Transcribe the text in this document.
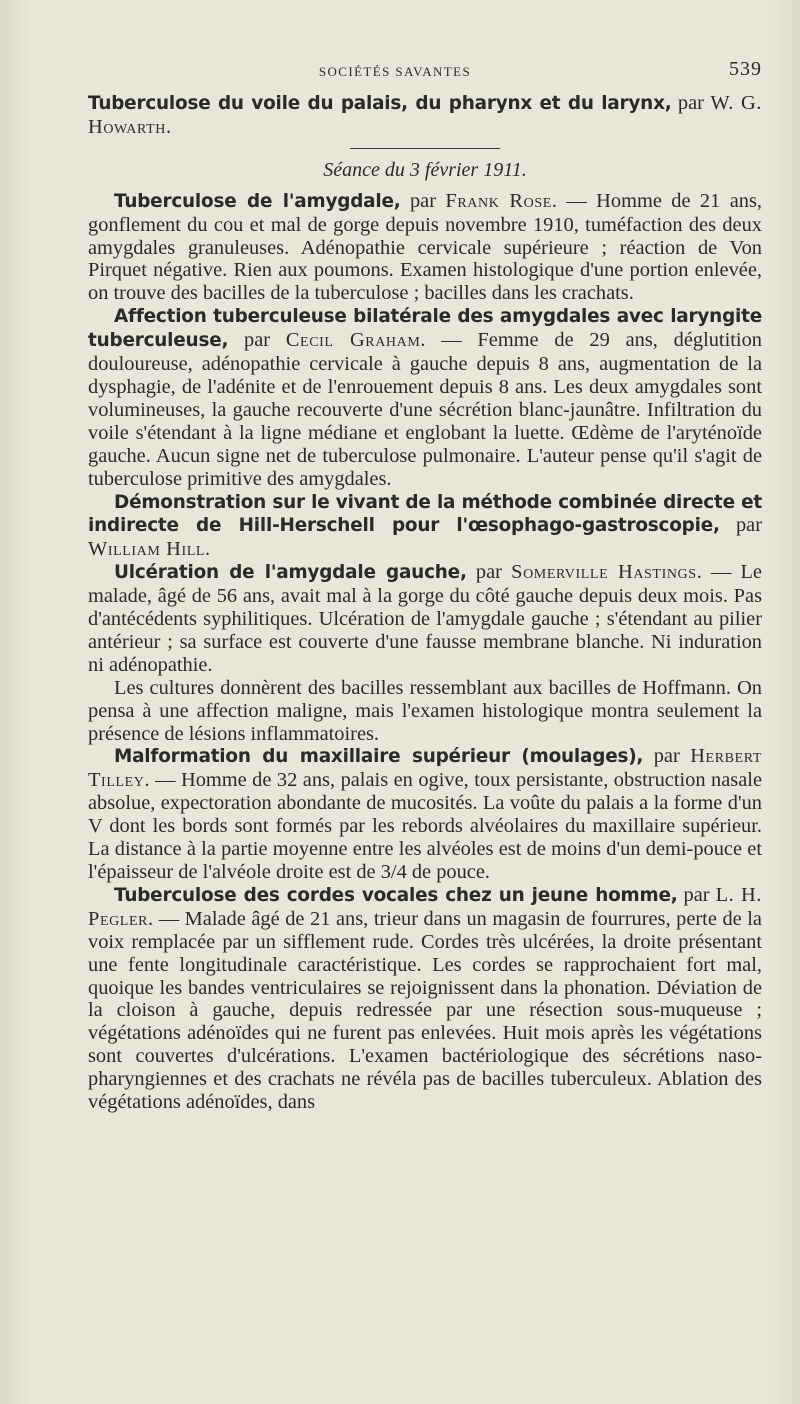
SOCIÉTÉS SAVANTES	539

Tuberculose du voile du palais, du pharynx et du larynx, par W. G. Howarth.

Séance du 3 février 1911.

Tuberculose de l'amygdale, par Frank Rose. — Homme de 21 ans, gonflement du cou et mal de gorge depuis novembre 1910, tuméfaction des deux amygdales granuleuses. Adénopathie cervicale supérieure ; réaction de Von Pirquet négative. Rien aux poumons. Examen histologique d'une portion enlevée, on trouve des bacilles de la tuberculose ; bacilles dans les crachats.

Affection tuberculeuse bilatérale des amygdales avec laryngite tuberculeuse, par Cecil Graham. — Femme de 29 ans, déglutition douloureuse, adénopathie cervicale à gauche depuis 8 ans, augmentation de la dysphagie, de l'adénite et de l'enrouement depuis 8 ans. Les deux amygdales sont volumineuses, la gauche recouverte d'une sécrétion blanc-jaunâtre. Infiltration du voile s'étendant à la ligne médiane et englobant la luette. Œdème de l'aryténoïde gauche. Aucun signe net de tuberculose pulmonaire. L'auteur pense qu'il s'agit de tuberculose primitive des amygdales.

Démonstration sur le vivant de la méthode combinée directe et indirecte de Hill-Herschell pour l'œsophago-gastroscopie, par William Hill.

Ulcération de l'amygdale gauche, par Somerville Hastings. — Le malade, âgé de 56 ans, avait mal à la gorge du côté gauche depuis deux mois. Pas d'antécédents syphilitiques. Ulcération de l'amygdale gauche ; s'étendant au pilier antérieur ; sa surface est couverte d'une fausse membrane blanche. Ni induration ni adénopathie.

Les cultures donnèrent des bacilles ressemblant aux bacilles de Hoffmann. On pensa à une affection maligne, mais l'examen histologique montra seulement la présence de lésions inflammatoires.

Malformation du maxillaire supérieur (moulages), par Herbert Tilley. — Homme de 32 ans, palais en ogive, toux persistante, obstruction nasale absolue, expectoration abondante de mucosités. La voûte du palais a la forme d'un V dont les bords sont formés par les rebords alvéolaires du maxillaire supérieur. La distance à la partie moyenne entre les alvéoles est de moins d'un demi-pouce et l'épaisseur de l'alvéole droite est de 3/4 de pouce.

Tuberculose des cordes vocales chez un jeune homme, par L. H. Pegler. — Malade âgé de 21 ans, trieur dans un magasin de fourrures, perte de la voix remplacée par un sifflement rude. Cordes très ulcérées, la droite présentant une fente longitudinale caractéristique. Les cordes se rapprochaient fort mal, quoique les bandes ventriculaires se rejoignissent dans la phonation. Déviation de la cloison à gauche, depuis redressée par une résection sous-muqueuse ; végétations adénoïdes qui ne furent pas enlevées. Huit mois après les végétations sont couvertes d'ulcérations. L'examen bactériologique des sécrétions naso-pharyngiennes et des crachats ne révéla pas de bacilles tuberculeux. Ablation des végétations adénoïdes, dans
